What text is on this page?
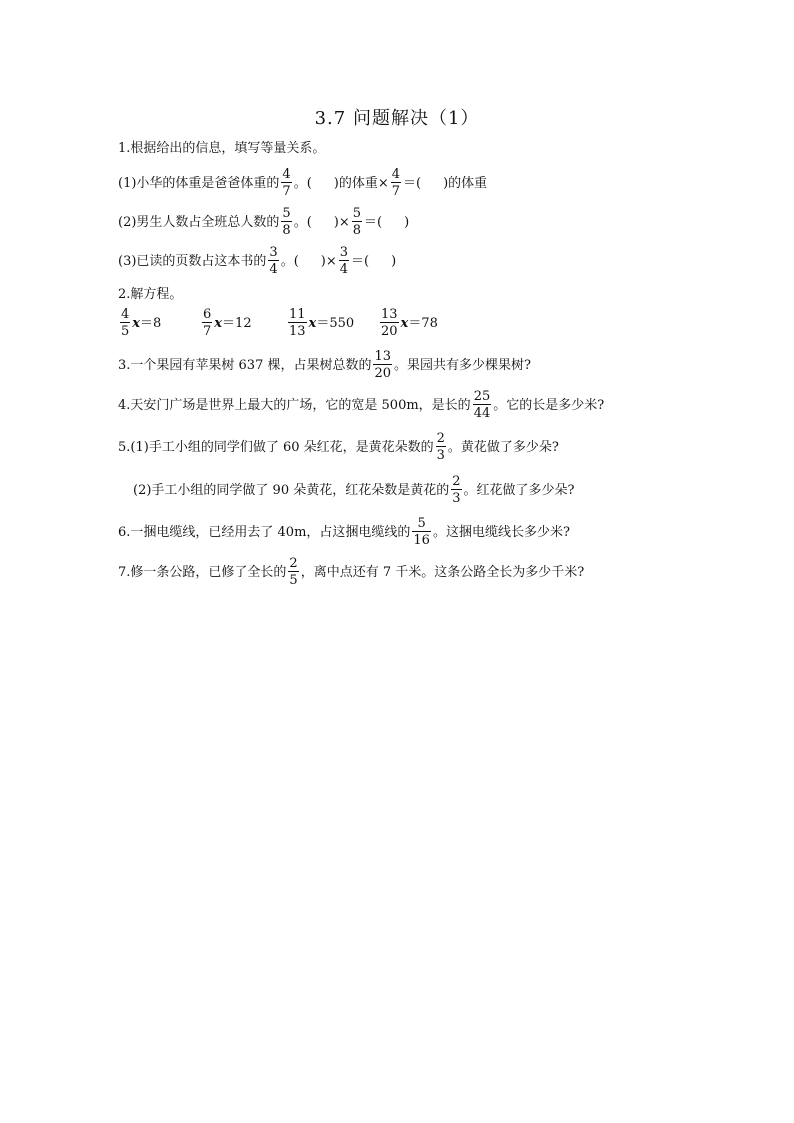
3.7 问题解决（1）
1.根据给出的信息，填写等量关系。
(1)小华的体重是爸爸体重的 $\frac{4}{7}$ 。( )的体重× $\frac{4}{7}$ ＝( )的体重
(2)男生人数占全班总人数的 $\frac{5}{8}$ 。( )× $\frac{5}{8}$ ＝( )
(3)已读的页数占这本书的 $\frac{3}{4}$ 。( )× $\frac{3}{4}$ ＝( )
2.解方程。
$\frac{4}{5}$ x ＝8	$\frac{6}{7}$ x ＝12	$\frac{11}{13}$ $x =550 \frac{13}{20}$ x ＝78
3.一个果园有苹果树 637 棵，占果树总数的 $\frac{13}{20}$ 。果园共有多少棵果树?
4.天安门广场是世界上最大的广场，它的宽是 500m，是长的 $\frac{25}{44}$ 。它的长是多少米?
5.(1)手工小组的同学们做了 60 朵红花，是黄花朵数的 $\frac{2}{3}$ 。黄花做了多少朵?
(2)手工小组的同学做了 90 朵黄花，红花朵数是黄花的 $\frac{2}{3}$ 。红花做了多少朵?
6.一捆电缆线，已经用去了 40m，占这捆电缆线的 $\frac{5}{16}$ 。这捆电缆线长多少米?
7.修一条公路，已修了全长的 $\frac{2}{5}$ ，离中点还有 7 千米。这条公路全长为多少千米?
